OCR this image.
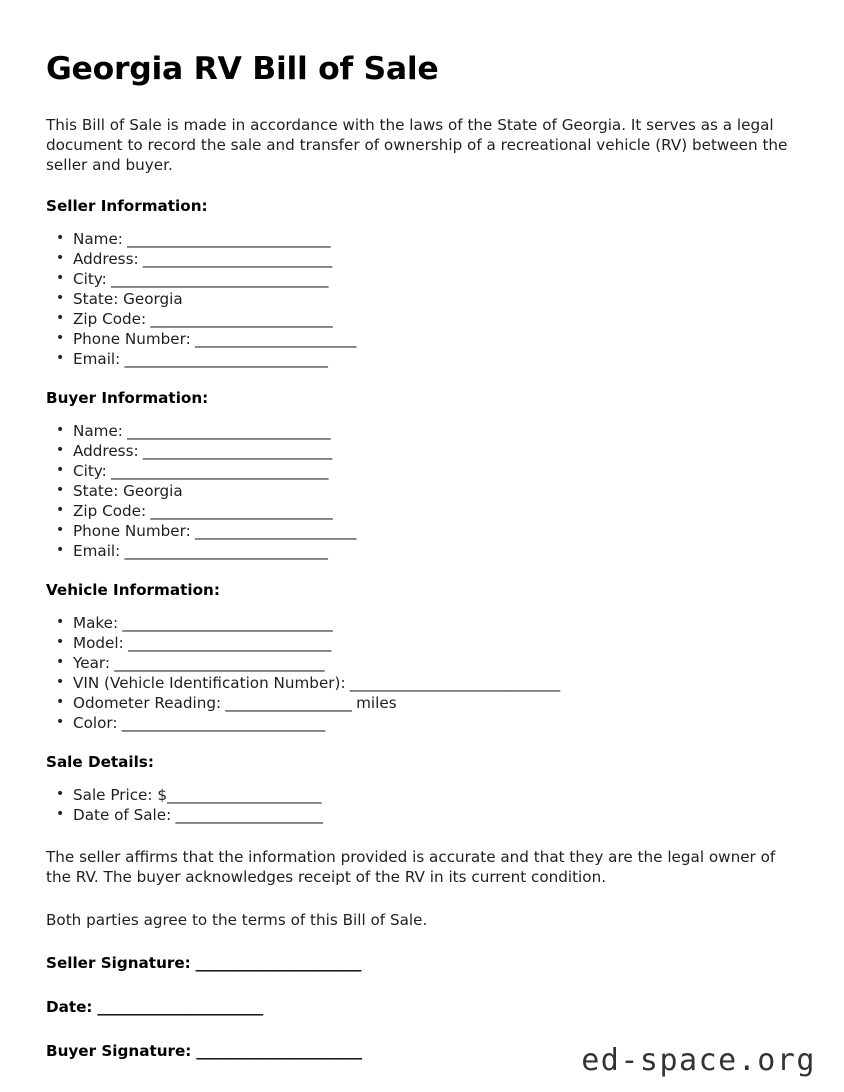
Georgia RV Bill of Sale

This Bill of Sale is made in accordance with the laws of the State of Georgia. It serves as a legal document to record the sale and transfer of ownership of a recreational vehicle (RV) between the seller and buyer.

Seller Information:
• Name: _____________________________
• Address: ___________________________
• City: _______________________________
• State: Georgia
• Zip Code: __________________________
• Phone Number: _______________________
• Email: _____________________________
Buyer Information:
• Name: _____________________________
• Address: ___________________________
• City: _______________________________
• State: Georgia
• Zip Code: __________________________
• Phone Number: _______________________
• Email: _____________________________
Vehicle Information:
• Make: ______________________________
• Model: _____________________________
• Year: ______________________________
• VIN (Vehicle Identification Number): ______________________________
• Odometer Reading: __________________ miles
• Color: _____________________________
Sale Details:
• Sale Price: $______________________
• Date of Sale: _____________________

The seller affirms that the information provided is accurate and that they are the legal owner of the RV. The buyer acknowledges receipt of the RV in its current condition.

Both parties agree to the terms of this Bill of Sale.

Seller Signature: _______________________
Date: _______________________
Buyer Signature: _______________________	ed-space.org
